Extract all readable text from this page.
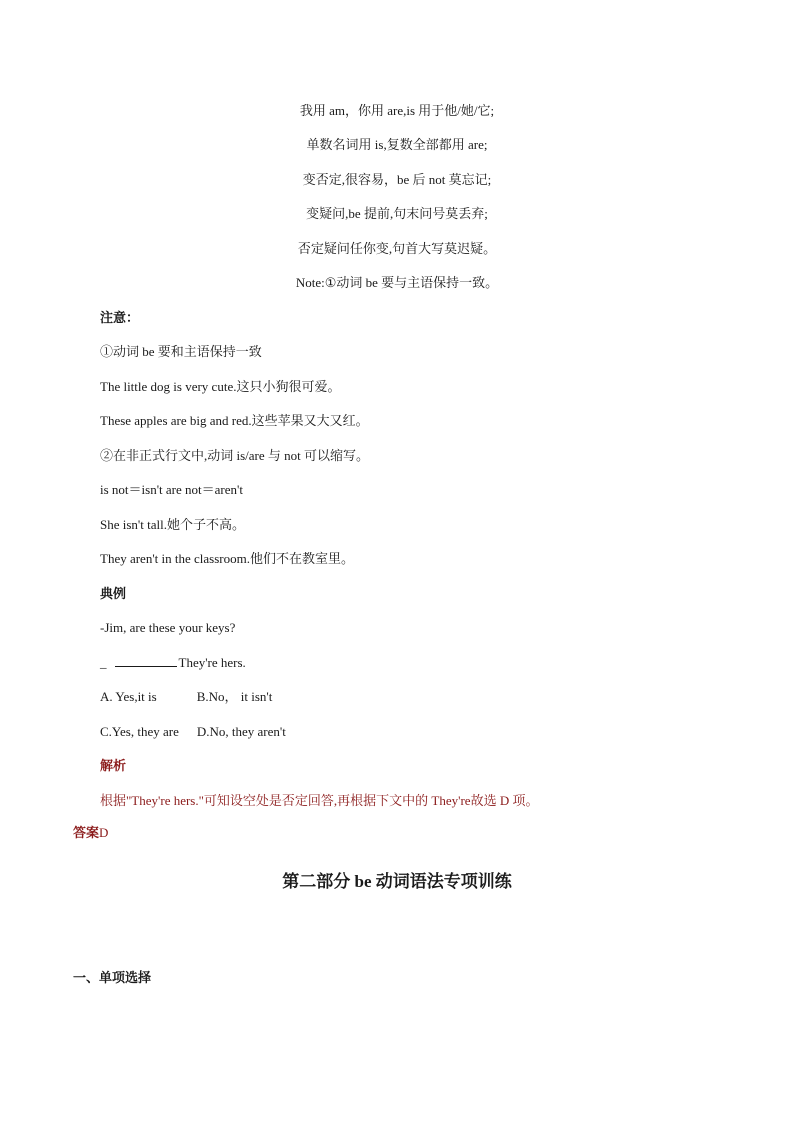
我用 am，你用 are,is 用于他/她/它;
单数名词用 is,复数全部都用 are;
变否定,很容易，be 后 not 莫忘记;
变疑问,be 提前,句末问号莫丢弃;
否定疑问任你变,句首大写莫迟疑。
Note:①动词 be 要与主语保持一致。
注意：
①动词 be 要和主语保持一致
The little dog is very cute.这只小狗很可爱。
These apples are big and red.这些苹果又大又红。
②在非正式行文中,动词 is/are 与 not 可以缩写。
is not＝isn't are not＝aren't
She isn't tall.她个子不高。
They aren't in the classroom.他们不在教室里。
典例
-Jim, are these your keys?
_	They're hers.
A. Yes,it is	B.No， it isn't
C.Yes, they are D.No, they aren't
解析
根据"They're hers."可知设空处是否定回答,再根据下文中的 They're故选 D 项。
答案D
第二部分 be 动词语法专项训练
一、单项选择
